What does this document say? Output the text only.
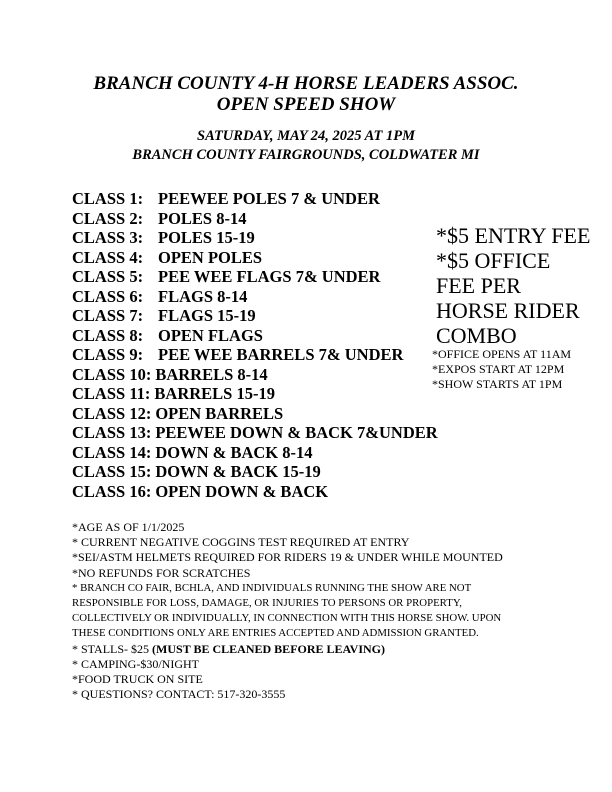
BRANCH COUNTY 4-H HORSE LEADERS ASSOC.
OPEN SPEED SHOW
SATURDAY, MAY 24, 2025 AT 1PM
BRANCH COUNTY FAIRGROUNDS, COLDWATER MI
CLASS 1: PEEWEE POLES 7 & UNDER
CLASS 2: POLES 8-14
CLASS 3: POLES 15-19
CLASS 4: OPEN POLES
CLASS 5: PEE WEE FLAGS 7& UNDER
CLASS 6: FLAGS 8-14
CLASS 7: FLAGS 15-19
CLASS 8: OPEN FLAGS
CLASS 9: PEE WEE BARRELS 7& UNDER
CLASS 10: BARRELS 8-14
CLASS 11: BARRELS 15-19
CLASS 12: OPEN BARRELS
CLASS 13: PEEWEE DOWN & BACK 7&UNDER
CLASS 14: DOWN & BACK 8-14
CLASS 15: DOWN & BACK 15-19
CLASS 16: OPEN DOWN & BACK
*$5 ENTRY FEE
*$5 OFFICE
FEE PER
HORSE RIDER
COMBO
*OFFICE OPENS AT 11AM
*EXPOS START AT 12PM
*SHOW STARTS AT 1PM
*AGE AS OF 1/1/2025
* CURRENT NEGATIVE COGGINS TEST REQUIRED AT ENTRY
*SEI/ASTM HELMETS REQUIRED FOR RIDERS 19 & UNDER WHILE MOUNTED
*NO REFUNDS FOR SCRATCHES
* BRANCH CO FAIR, BCHLA, AND INDIVIDUALS RUNNING THE SHOW ARE NOT
RESPONSIBLE FOR LOSS, DAMAGE, OR INJURIES TO PERSONS OR PROPERTY,
COLLECTIVELY OR INDIVIDUALLY, IN CONNECTION WITH THIS HORSE SHOW. UPON
THESE CONDITIONS ONLY ARE ENTRIES ACCEPTED AND ADMISSION GRANTED.
* STALLS- $25 (MUST BE CLEANED BEFORE LEAVING)
* CAMPING-$30/NIGHT
*FOOD TRUCK ON SITE
* QUESTIONS? CONTACT: 517-320-3555
